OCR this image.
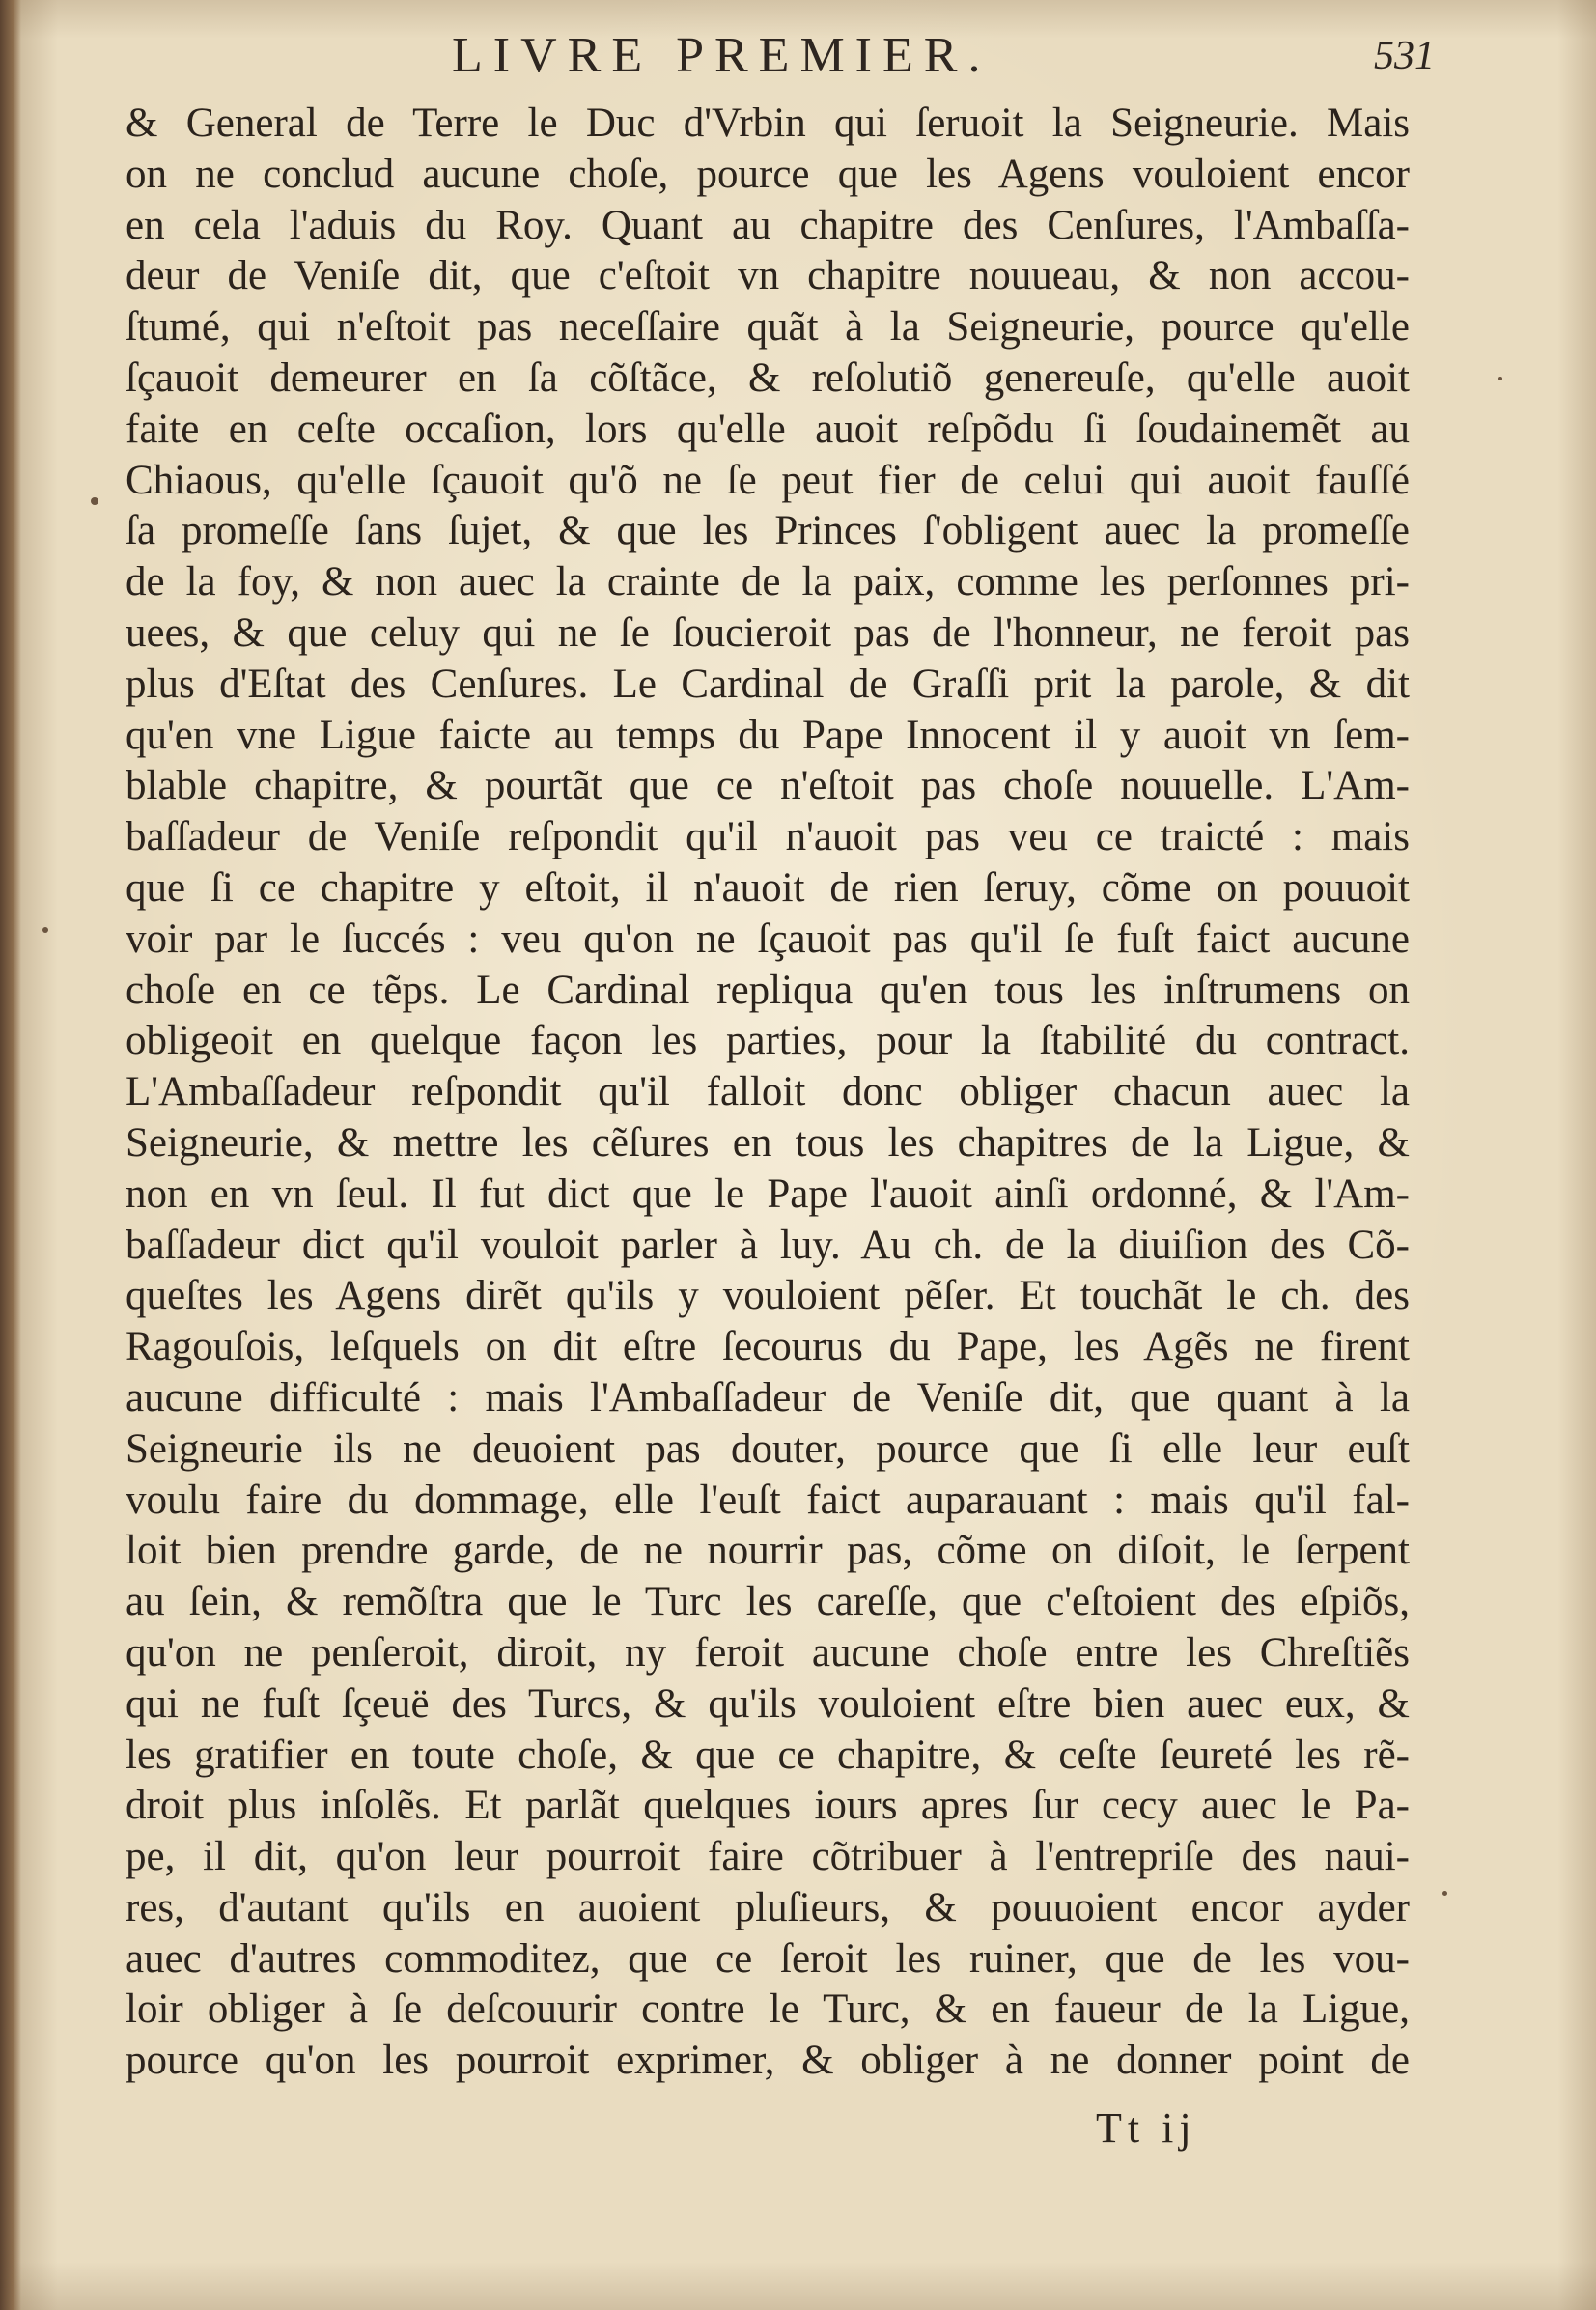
LIVRE PREMIER.	531
& General de Terre le Duc d'Vrbin qui ſeruoit la Seigneurie. Mais
on ne conclud aucune choſe, pource que les Agens vouloient encor
en cela l'aduis du Roy. Quant au chapitre des Cenſures, l'Ambaſſa-
deur de Veniſe dit, que c'eſtoit vn chapitre nouueau, & non accou-
ſtumé, qui n'eſtoit pas neceſſaire quãt à la Seigneurie, pource qu'elle
ſçauoit demeurer en ſa cõſtãce, & reſolutiõ genereuſe, qu'elle auoit
faite en ceſte occaſion, lors qu'elle auoit reſpõdu ſi ſoudainemẽt au
Chiaous, qu'elle ſçauoit qu'õ ne ſe peut fier de celui qui auoit fauſſé
ſa promeſſe ſans ſujet, & que les Princes ſ'obligent auec la promeſſe
de la foy, & non auec la crainte de la paix, comme les perſonnes pri-
uees, & que celuy qui ne ſe ſoucieroit pas de l'honneur, ne feroit pas
plus d'Eſtat des Cenſures. Le Cardinal de Graſſi prit la parole, & dit
qu'en vne Ligue faicte au temps du Pape Innocent il y auoit vn ſem-
blable chapitre, & pourtãt que ce n'eſtoit pas choſe nouuelle. L'Am-
baſſadeur de Veniſe reſpondit qu'il n'auoit pas veu ce traicté : mais
que ſi ce chapitre y eſtoit, il n'auoit de rien ſeruy, cõme on pouuoit
voir par le ſuccés : veu qu'on ne ſçauoit pas qu'il ſe fuſt faict aucune
choſe en ce tẽps. Le Cardinal repliqua qu'en tous les inſtrumens on
obligeoit en quelque façon les parties, pour la ſtabilité du contract.
L'Ambaſſadeur reſpondit qu'il falloit donc obliger chacun auec la
Seigneurie, & mettre les cẽſures en tous les chapitres de la Ligue, &
non en vn ſeul. Il fut dict que le Pape l'auoit ainſi ordonné, & l'Am-
baſſadeur dict qu'il vouloit parler à luy. Au ch. de la diuiſion des Cõ-
queſtes les Agens dirẽt qu'ils y vouloient pẽſer. Et touchãt le ch. des
Ragouſois, leſquels on dit eſtre ſecourus du Pape, les Agẽs ne firent
aucune difficulté : mais l'Ambaſſadeur de Veniſe dit, que quant à la
Seigneurie ils ne deuoient pas douter, pource que ſi elle leur euſt
voulu faire du dommage, elle l'euſt faict auparauant : mais qu'il fal-
loit bien prendre garde, de ne nourrir pas, cõme on diſoit, le ſerpent
au ſein, & remõſtra que le Turc les careſſe, que c'eſtoient des eſpiõs,
qu'on ne penſeroit, diroit, ny feroit aucune choſe entre les Chreſtiẽs
qui ne fuſt ſçeuë des Turcs, & qu'ils vouloient eſtre bien auec eux, &
les gratifier en toute choſe, & que ce chapitre, & ceſte ſeureté les rẽ-
droit plus inſolẽs. Et parlãt quelques iours apres ſur cecy auec le Pa-
pe, il dit, qu'on leur pourroit faire cõtribuer à l'entrepriſe des naui-
res, d'autant qu'ils en auoient pluſieurs, & pouuoient encor ayder
auec d'autres commoditez, que ce ſeroit les ruiner, que de les vou-
loir obliger à ſe deſcouurir contre le Turc, & en faueur de la Ligue,
pource qu'on les pourroit exprimer, & obliger à ne donner point de
Tt ij
